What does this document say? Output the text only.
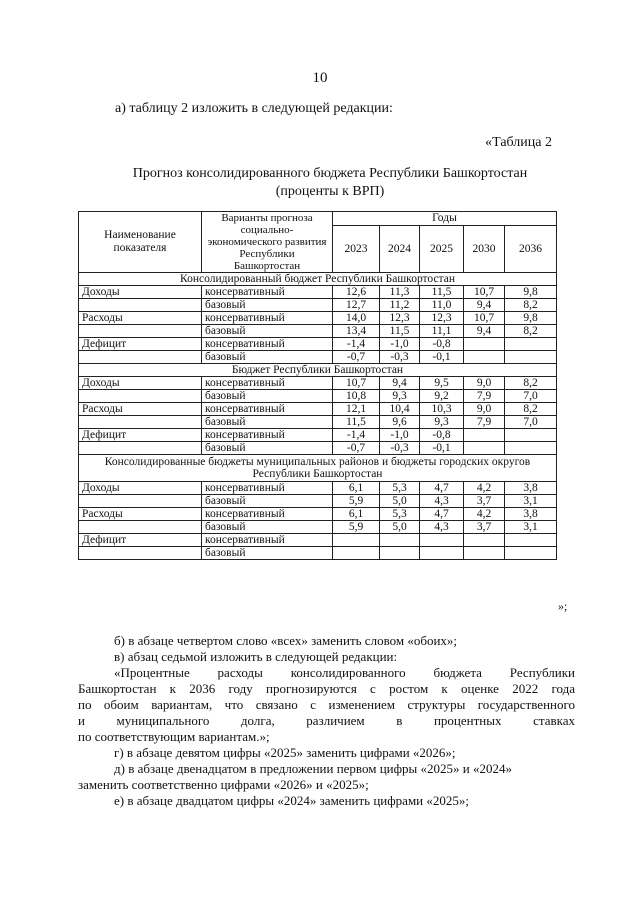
10
а) таблицу 2 изложить в следующей редакции:
«Таблица 2
Прогноз консолидированного бюджета Республики Башкортостан
(проценты к ВРП)
Наименование показателя	Варианты прогноза социально-экономического развития Республики Башкортостан	Годы				
		2023	2024	2025	2030	2036
Консолидированный бюджет Республики Башкортостан						
Доходы	консервативный	12,6	11,3	11,5	10,7	9,8
	базовый	12,7	11,2	11,0	9,4	8,2
Расходы	консервативный	14,0	12,3	12,3	10,7	9,8
	базовый	13,4	11,5	11,1	9,4	8,2
Дефицит	консервативный	-1,4	-1,0	-0,8		
	базовый	-0,7	-0,3	-0,1		
Бюджет Республики Башкортостан						
Доходы	консервативный	10,7	9,4	9,5	9,0	8,2
	базовый	10,8	9,3	9,2	7,9	7,0
Расходы	консервативный	12,1	10,4	10,3	9,0	8,2
	базовый	11,5	9,6	9,3	7,9	7,0
Дефицит	консервативный	-1,4	-1,0	-0,8		
	базовый	-0,7	-0,3	-0,1		
Консолидированные бюджеты муниципальных районов и бюджеты городских округов Республики Башкортостан						
Доходы	консервативный	6,1	5,3	4,7	4,2	3,8
	базовый	5,9	5,0	4,3	3,7	3,1
Расходы	консервативный	6,1	5,3	4,7	4,2	3,8
	базовый	5,9	5,0	4,3	3,7	3,1
Дефицит	консервативный					
	базовый					
»;
б) в абзаце четвертом слово «всех» заменить словом «обоих»;
в) абзац седьмой изложить в следующей редакции:
«Процентные расходы консолидированного бюджета Республики
Башкортостан к 2036 году прогнозируются с ростом к оценке 2022 года
по обоим вариантам, что связано с изменением структуры государственного
и муниципального долга, различием в процентных ставках
по соответствующим вариантам.»;
г) в абзаце девятом цифры «2025» заменить цифрами «2026»;
д) в абзаце двенадцатом в предложении первом цифры «2025» и «2024»
заменить соответственно цифрами «2026» и «2025»;
е) в абзаце двадцатом цифры «2024» заменить цифрами «2025»;
